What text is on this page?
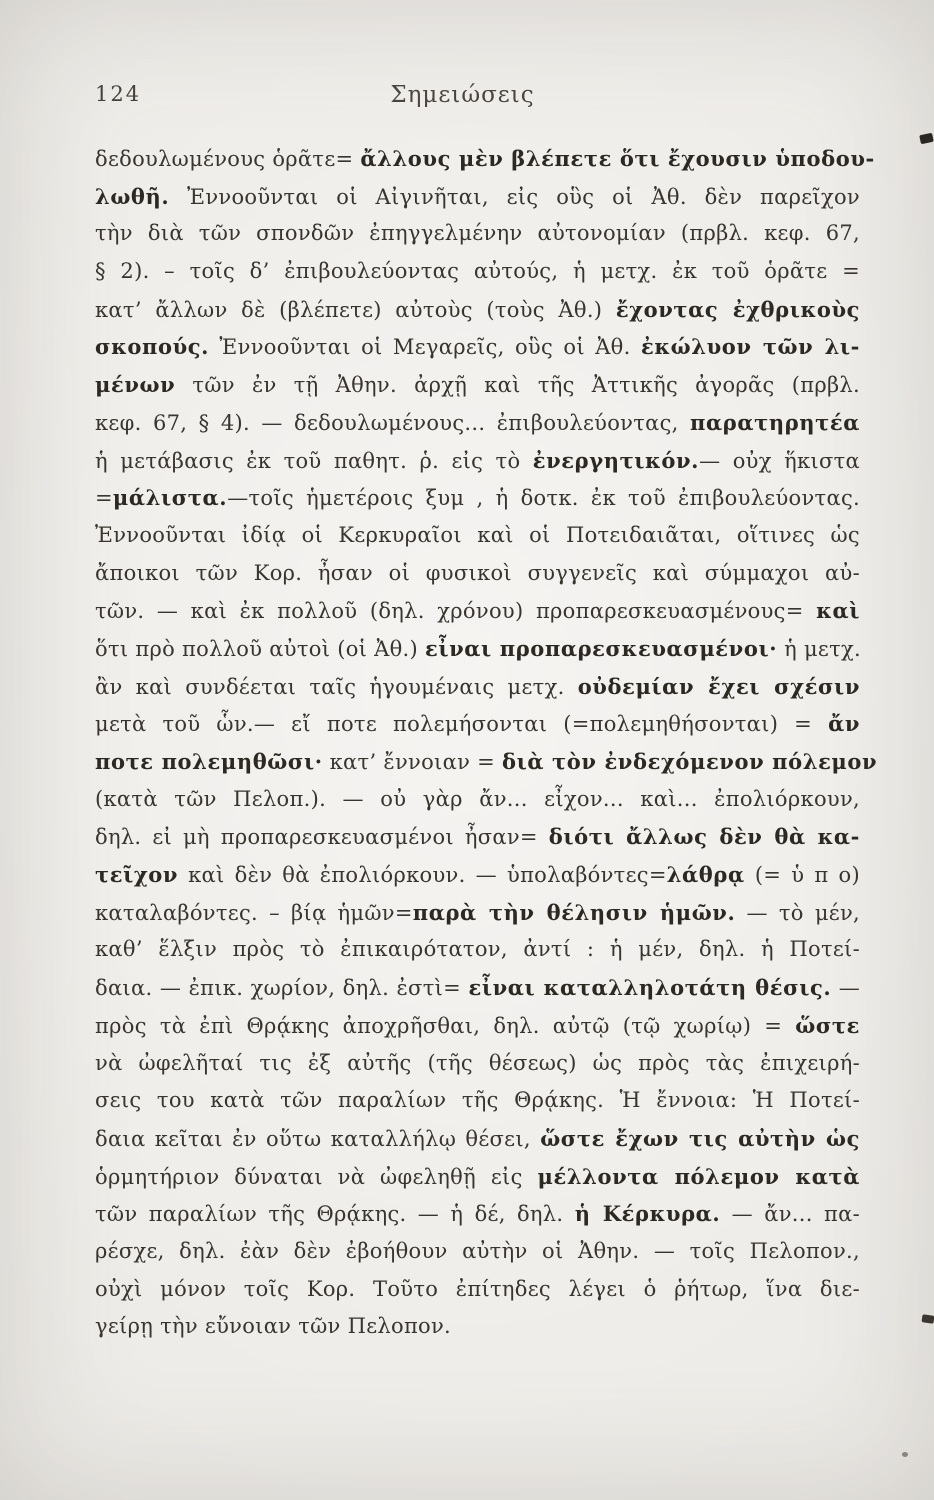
124	Σημειώσεις
δεδουλωμένους ὁρᾶτε= ἄλλους μὲν βλέπετε ὅτι ἔχουσιν ὑποδου-
λωθῆ. Ἐννοοῦνται οἱ Αἰγινῆται, εἰς οὓς οἱ Ἀθ. δὲν παρεῖχον
τὴν διὰ τῶν σπονδῶν ἐπηγγελμένην αὐτονομίαν (πρβλ. κεφ. 67,
§ 2). – τοῖς δ’ ἐπιβουλεύοντας αὐτούς, ἡ μετχ. ἐκ τοῦ ὁρᾶτε =
κατ’ ἄλλων δὲ (βλέπετε) αὐτοὺς (τοὺς Ἀθ.) ἔχοντας ἐχθρικοὺς
σκοπούς. Ἐννοοῦνται οἱ Μεγαρεῖς, οὓς οἱ Ἀθ. ἐκώλυον τῶν λι-
μένων τῶν ἐν τῇ Ἀθην. ἀρχῇ καὶ τῆς Ἀττικῆς ἀγορᾶς (πρβλ.
κεφ. 67, § 4). — δεδουλωμένους... ἐπιβουλεύοντας, παρατηρητέα
ἡ μετάβασις ἐκ τοῦ παθητ. ῥ. εἰς τὸ ἐνεργητικόν.— οὐχ ἥκιστα
=μάλιστα.—τοῖς ἡμετέροις ξυμ , ἡ δοτκ. ἐκ τοῦ ἐπιβουλεύοντας.
Ἐννοοῦνται ἰδίᾳ οἱ Κερκυραῖοι καὶ οἱ Ποτειδαιᾶται, οἵτινες ὡς
ἄποικοι τῶν Κορ. ἦσαν οἱ φυσικοὶ συγγενεῖς καὶ σύμμαχοι αὐ-
τῶν. — καὶ ἐκ πολλοῦ (δηλ. χρόνου) προπαρεσκευασμένους= καὶ
ὅτι πρὸ πολλοῦ αὐτοὶ (οἱ Ἀθ.) εἶναι προπαρεσκευασμένοι· ἡ μετχ.
ἂν καὶ συνδέεται ταῖς ἡγουμέναις μετχ. οὐδεμίαν ἔχει σχέσιν
μετὰ τοῦ ὧν.— εἴ ποτε πολεμήσονται (=πολεμηθήσονται) = ἄν
ποτε πολεμηθῶσι· κατ’ ἔννοιαν = διὰ τὸν ἐνδεχόμενον πόλεμον
(κατὰ τῶν Πελοπ.). — οὐ γὰρ ἄν... εἶχον... καὶ... ἐπολιόρκουν,
δηλ. εἰ μὴ προπαρεσκευασμένοι ἦσαν= διότι ἄλλως δὲν θὰ κα-
τεῖχον καὶ δὲν θὰ ἐπολιόρκουν. — ὑπολαβόντες=λάθρᾳ (= ὑ π ο)
καταλαβόντες. – βίᾳ ἡμῶν=παρὰ τὴν θέλησιν ἡμῶν. — τὸ μέν,
καθ’ ἕλξιν πρὸς τὸ ἐπικαιρότατον, ἀντί : ἡ μέν, δηλ. ἡ Ποτεί-
δαια. — ἐπικ. χωρίον, δηλ. ἐστὶ= εἶναι καταλληλοτάτη θέσις. —
πρὸς τὰ ἐπὶ Θρᾴκης ἀποχρῆσθαι, δηλ. αὐτῷ (τῷ χωρίῳ) = ὥστε
νὰ ὠφελῆταί τις ἐξ αὐτῆς (τῆς θέσεως) ὡς πρὸς τὰς ἐπιχειρή-
σεις του κατὰ τῶν παραλίων τῆς Θρᾴκης. Ἡ ἔννοια: Ἡ Ποτεί-
δαια κεῖται ἐν οὕτω καταλλήλῳ θέσει, ὥστε ἔχων τις αὐτὴν ὡς
ὁρμητήριον δύναται νὰ ὠφεληθῇ εἰς μέλλοντα πόλεμον κατὰ
τῶν παραλίων τῆς Θρᾴκης. — ἡ δέ, δηλ. ἡ Κέρκυρα. — ἄν... πα-
ρέσχε, δηλ. ἐὰν δὲν ἐβοήθουν αὐτὴν οἱ Ἀθην. — τοῖς Πελοπον.,
οὐχὶ μόνον τοῖς Κορ. Τοῦτο ἐπίτηδες λέγει ὁ ῥήτωρ, ἵνα διε-
γείρῃ τὴν εὔνοιαν τῶν Πελοπον.
